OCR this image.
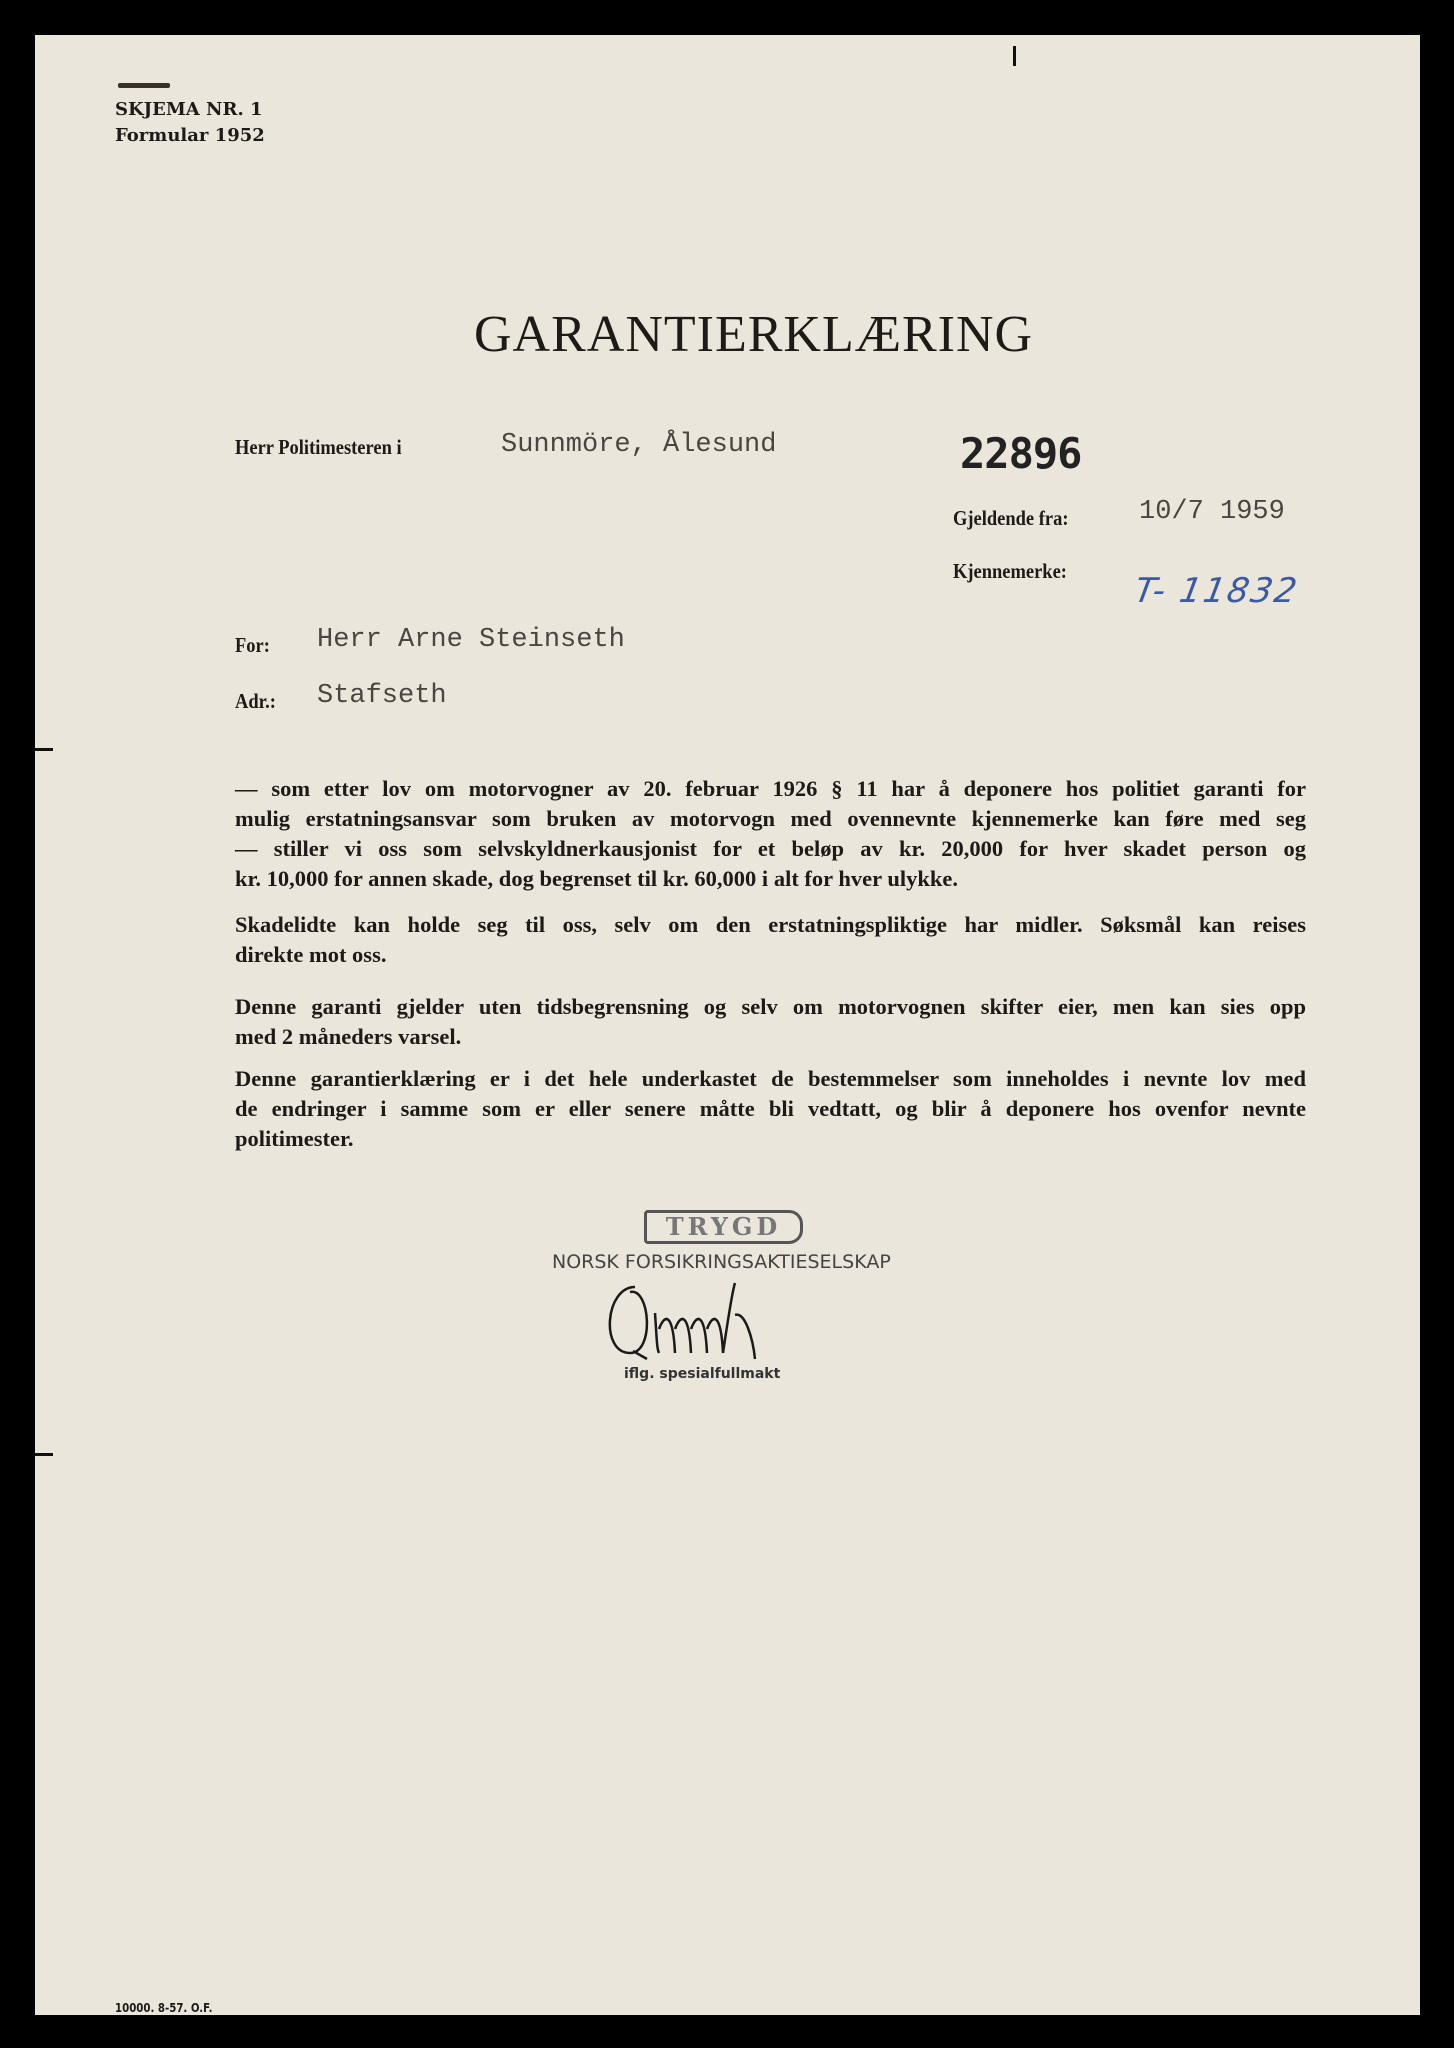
SKJEMA NR. 1
Formular 1952
GARANTIERKLÆRING
Herr Politimesteren i	Sunnmöre, Ålesund	22896
Gjeldende fra:	10/7 1959
Kjennemerke: T- 11832
For: Herr Arne Steinseth
Adr.: Stafseth
— som etter lov om motorvogner av 20. februar 1926 § 11 har å deponere hos politiet garanti for
mulig erstatningsansvar som bruken av motorvogn med ovennevnte kjennemerke kan føre med seg
— stiller vi oss som selvskyldnerkausjonist for et beløp av kr. 20,000 for hver skadet person og
kr. 10,000 for annen skade, dog begrenset til kr. 60,000 i alt for hver ulykke.
Skadelidte kan holde seg til oss, selv om den erstatningspliktige har midler. Søksmål kan reises
direkte mot oss.
Denne garanti gjelder uten tidsbegrensning og selv om motorvognen skifter eier, men kan sies opp
med 2 måneders varsel.
Denne garantierklæring er i det hele underkastet de bestemmelser som inneholdes i nevnte lov med
de endringer i samme som er eller senere måtte bli vedtatt, og blir å deponere hos ovenfor nevnte
politimester.
TRYGD
NORSK FORSIKRINGSAKTIESELSKAP
iflg. spesialfullmakt
10000. 8-57. O.F.
